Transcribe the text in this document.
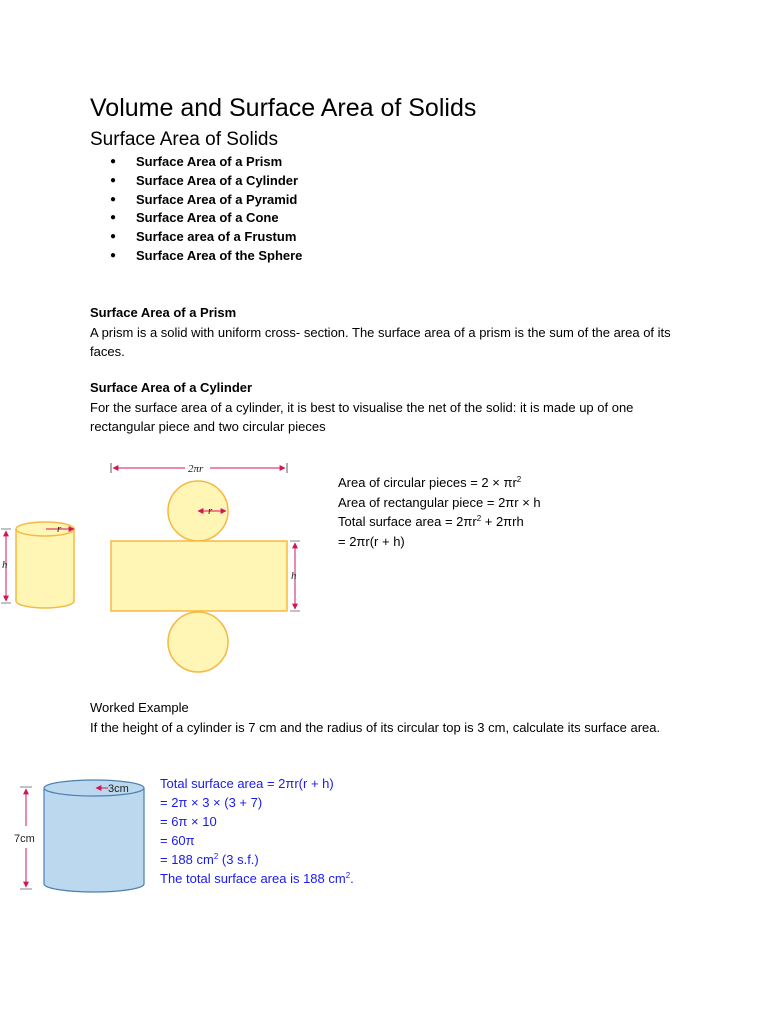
Volume and Surface Area of Solids
Surface Area of Solids
● Surface Area of a Prism
● Surface Area of a Cylinder
● Surface Area of a Pyramid
● Surface Area of a Cone
● Surface area of a Frustum
● Surface Area of the Sphere
Surface Area of a Prism

A prism is a solid with uniform cross- section. The surface area of a prism is the sum of the area of its faces.

Surface Area of a Cylinder

For the surface area of a cylinder, it is best to visualise the net of the solid: it is made up of one rectangular piece and two circular pieces

r
h
2πr
r
h
Area of circular pieces = $2 \times \pi r^2$
Area of rectangular piece = 2πr × h
Total surface area = $2\pi r^2 + 2\pi rh$
= 2πr(r + h)
Worked Example

If the height of a cylinder is 7 cm and the radius of its circular top is 3 cm, calculate its surface area.

3cm
7cm
Total surface area = 2πr(r + h)
= 2π × 3 × (3 + 7)
= 6π × 10
= 60π
= 188 $cm^2$ (3 s.f.)
The total surface area is 188 $cm^2$.
